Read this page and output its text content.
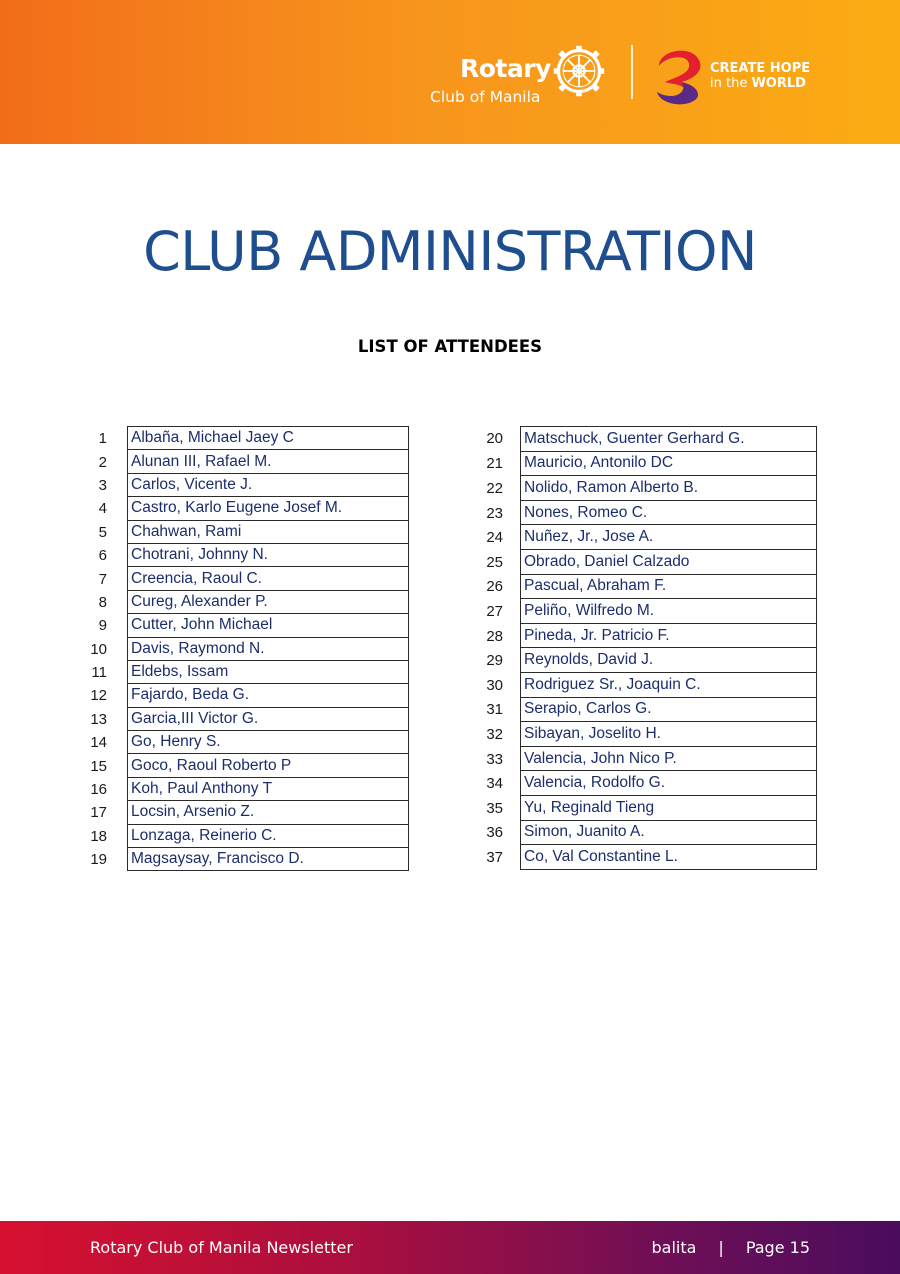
Rotary
Club of Manila
CREATE HOPE
in the WORLD
CLUB ADMINISTRATION
LIST OF ATTENDEES
1	Albaña, Michael Jaey C
2	Alunan III, Rafael M.
3	Carlos, Vicente J.
4	Castro, Karlo Eugene Josef M.
5	Chahwan, Rami
6	Chotrani, Johnny N.
7	Creencia, Raoul C.
8	Cureg, Alexander P.
9	Cutter, John Michael
10	Davis, Raymond N.
11	Eldebs, Issam
12	Fajardo, Beda G.
13	Garcia,III Victor G.
14	Go, Henry S.
15	Goco, Raoul Roberto P
16	Koh, Paul Anthony T
17	Locsin, Arsenio Z.
18	Lonzaga, Reinerio C.
19	Magsaysay, Francisco D.
20	Matschuck, Guenter Gerhard G.
21	Mauricio, Antonilo DC
22	Nolido, Ramon Alberto B.
23	Nones, Romeo C.
24	Nuñez, Jr., Jose A.
25	Obrado, Daniel Calzado
26	Pascual, Abraham F.
27	Peliño, Wilfredo M.
28	Pineda, Jr. Patricio F.
29	Reynolds, David J.
30	Rodriguez Sr., Joaquin C.
31	Serapio, Carlos G.
32	Sibayan, Joselito H.
33	Valencia, John Nico P.
34	Valencia, Rodolfo G.
35	Yu, Reginald Tieng
36	Simon, Juanito A.
37	Co, Val Constantine L.
Rotary Club of Manila Newsletter	balita | Page 15
